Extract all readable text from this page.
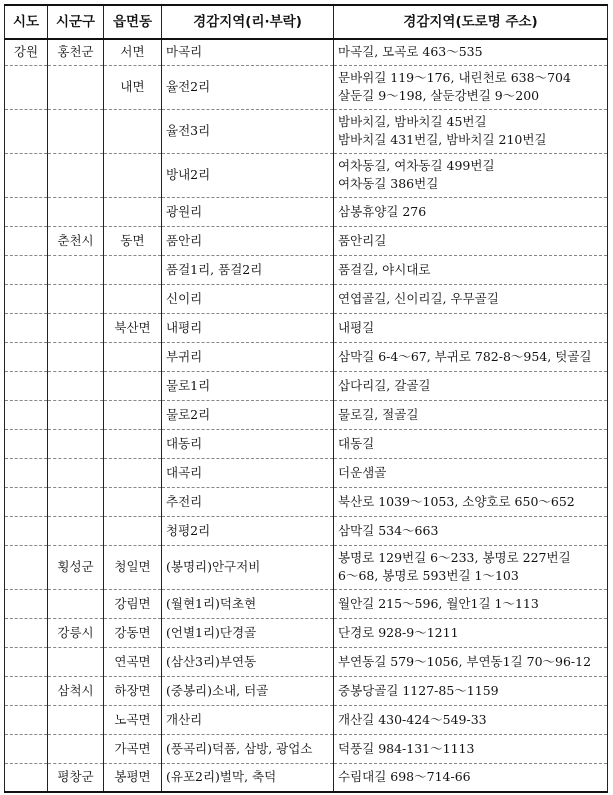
시도	시군구	읍면동	경감지역(리·부락)	경감지역(도로명 주소)
강원	홍천군	서면	마곡리	마곡길, 모곡로 463～535
		내면	율전2리	문바위길 119～176, 내린천로 638～704
살둔길 9～198, 살둔강변길 9～200
			율전3리	밤바치길, 밤바치길 45번길
밤바치길 431번길, 밤바치길 210번길
			방내2리	여차동길, 여차동길 499번길
여차동길 386번길
			광원리	삼봉휴양길 276
	춘천시	동면	품안리	품안리길
			품걸1리, 품걸2리	품걸길, 야시대로
			신이리	연엽골길, 신이리길, 우무골길
		북산면	내평리	내평길
			부귀리	삼막길 6-4～67, 부귀로 782-8～954, 텃골길
			물로1리	삽다리길, 갈골길
			물로2리	물로길, 절골길
			대동리	대동길
			대곡리	더운샘골
			추전리	북산로 1039～1053, 소양호로 650～652
			청평2리	삼막길 534～663
	횡성군	청일면	(봉명리)안구저비	봉명로 129번길 6～233, 봉명로 227번길
6～68, 봉명로 593번길 1～103
		강림면	(월현1리)덕초현	월안길 215～596, 월안1길 1～113
	강릉시	강동면	(언별1리)단경골	단경로 928-9～1211
		연곡면	(삼산3리)부연동	부연동길 579～1056, 부연동1길 70～96-12
	삼척시	하장면	(중봉리)소내, 터골	중봉당골길 1127-85～1159
		노곡면	개산리	개산길 430-424～549-33
		가곡면	(풍곡리)덕품, 삼방, 광업소	덕풍길 984-131～1113
	평창군	봉평면	(유포2리)벌막, 축덕	수림대길 698～714-66
